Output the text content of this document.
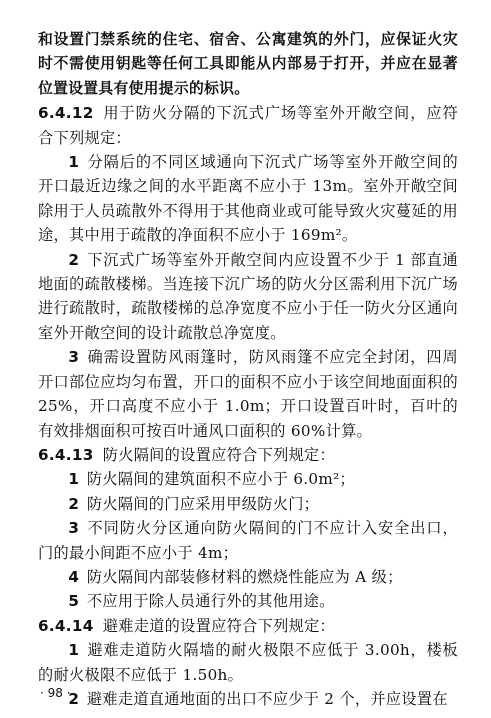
和设置门禁系统的住宅、宿舍、公寓建筑的外门，应保证火灾时不需使用钥匙等任何工具即能从内部易于打开，并应在显著位置设置具有使用提示的标识。

6.4.12 用于防火分隔的下沉式广场等室外开敞空间，应符合下列规定：

1 分隔后的不同区域通向下沉式广场等室外开敞空间的开口最近边缘之间的水平距离不应小于 13m。室外开敞空间除用于人员疏散外不得用于其他商业或可能导致火灾蔓延的用途，其中用于疏散的净面积不应小于 169m²。

2 下沉式广场等室外开敞空间内应设置不少于 1 部直通地面的疏散楼梯。当连接下沉广场的防火分区需利用下沉广场进行疏散时，疏散楼梯的总净宽度不应小于任一防火分区通向室外开敞空间的设计疏散总净宽度。

3 确需设置防风雨篷时，防风雨篷不应完全封闭，四周开口部位应均匀布置，开口的面积不应小于该空间地面面积的 25%，开口高度不应小于 1.0m；开口设置百叶时，百叶的有效排烟面积可按百叶通风口面积的 60%计算。

6.4.13 防火隔间的设置应符合下列规定：

1 防火隔间的建筑面积不应小于 6.0m²；

2 防火隔间的门应采用甲级防火门；

3 不同防火分区通向防火隔间的门不应计入安全出口，门的最小间距不应小于 4m；

4 防火隔间内部装修材料的燃烧性能应为 A 级；

5 不应用于除人员通行外的其他用途。

6.4.14 避难走道的设置应符合下列规定：

1 避难走道防火隔墙的耐火极限不应低于 3.00h，楼板的耐火极限不应低于 1.50h。

2 避难走道直通地面的出口不应少于 2 个，并应设置在

· 98 ·
